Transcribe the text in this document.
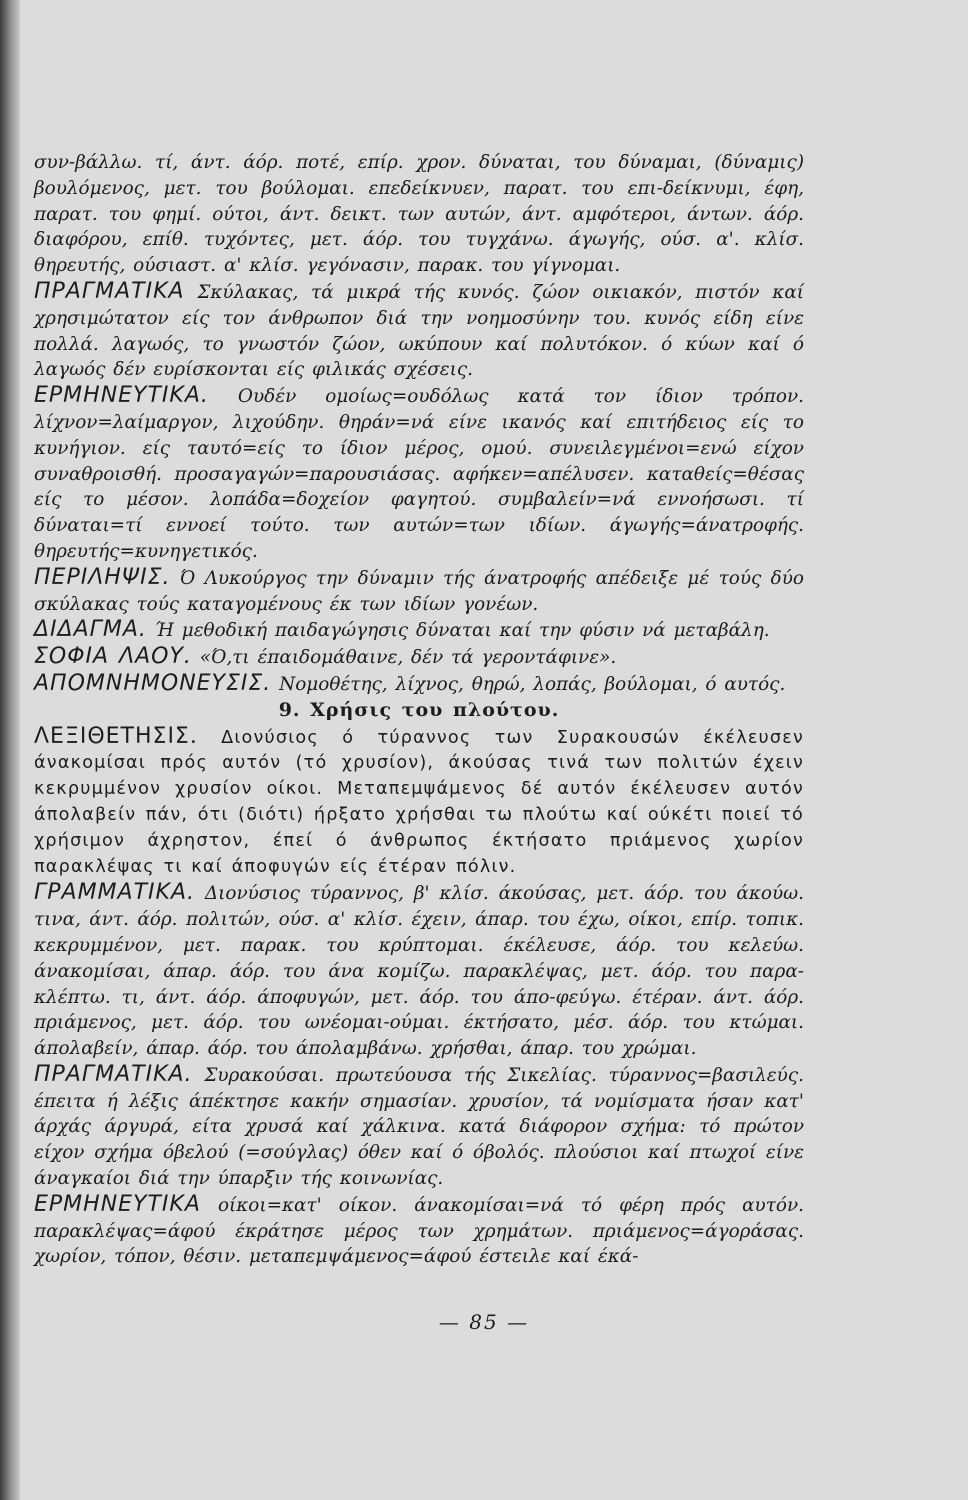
συν-βάλλω. τί, άντ. άόρ. ποτέ, επίρ. χρον. δύναται, του δύναμαι, (δύναμις) βουλόμενος, μετ. του βούλομαι. επεδείκνυεν, παρατ. του επι-δείκνυμι, έφη, παρατ. του φημί. ούτοι, άντ. δεικτ. των αυτών, άντ. αμφότεροι, άντων. άόρ. διαφόρου, επίθ. τυχόντες, μετ. άόρ. του τυγχάνω. άγωγής, ούσ. α'. κλίσ. θηρευτής, ούσιαστ. α' κλίσ. γεγόνασιν, παρακ. του γίγνομαι.

ΠΡΑΓΜΑΤΙΚΑ Σκύλακας, τά μικρά τής κυνός. ζώον οικιακόν, πιστόν καί χρησιμώτατον είς τον άνθρωπον διά την νοημοσύνην του. κυνός είδη είνε πολλά. λαγωός, το γνωστόν ζώον, ωκύπουν καί πολυτόκον. ό κύων καί ό λαγωός δέν ευρίσκονται είς φιλικάς σχέσεις.

ΕΡΜΗΝΕΥΤΙΚΑ. Ουδέν ομοίως=ουδόλως κατά τον ίδιον τρόπον. λίχνον=λαίμαργον, λιχούδην. θηράν=νά είνε ικανός καί επιτήδειος είς το κυνήγιον. είς ταυτό=είς το ίδιον μέρος, ομού. συνειλεγμένοι=ενώ είχον συναθροισθή. προσαγαγών=παρουσιάσας. αφήκεν=απέλυσεν. καταθείς=θέσας είς το μέσον. λοπάδα=δοχείον φαγητού. συμβαλείν=νά εννοήσωσι. τί δύναται=τί εννοεί τούτο. των αυτών=των ιδίων. άγωγής=άνατροφής. θηρευτής=κυνηγετικός.

ΠΕΡΙΛΗΨΙΣ. Ό Λυκούργος την δύναμιν τής άνατροφής απέδειξε μέ τούς δύο σκύλακας τούς καταγομένους έκ των ιδίων γονέων.

ΔΙΔΑΓΜΑ. Ή μεθοδική παιδαγώγησις δύναται καί την φύσιν νά μεταβάλη.

ΣΟΦΙΑ ΛΑΟΥ. «Ό,τι έπαιδομάθαινε, δέν τά γεροντάφινε».

ΑΠΟΜΝΗΜΟΝΕΥΣΙΣ. Νομοθέτης, λίχνος, θηρώ, λοπάς, βούλομαι, ό αυτός.

9. Χρήσις του πλούτου.

ΛΕΞΙΘΕΤΗΣΙΣ. Διονύσιος ό τύραννος των Συρακουσών έκέλευσεν άνακομίσαι πρός αυτόν (τό χρυσίον), άκούσας τινά των πολιτών έχειν κεκρυμμένον χρυσίον οίκοι. Μεταπεμψάμενος δέ αυτόν έκέλευσεν αυτόν άπολαβείν πάν, ότι (διότι) ήρξατο χρήσθαι τω πλούτω καί ούκέτι ποιεί τό χρήσιμον άχρηστον, έπεί ό άνθρωπος έκτήσατο πριάμενος χωρίον παρακλέψας τι καί άποφυγών είς έτέραν πόλιν.

ΓΡΑΜΜΑΤΙΚΑ. Διονύσιος τύραννος, β' κλίσ. άκούσας, μετ. άόρ. του άκούω. τινα, άντ. άόρ. πολιτών, ούσ. α' κλίσ. έχειν, άπαρ. του έχω, οίκοι, επίρ. τοπικ. κεκρυμμένον, μετ. παρακ. του κρύπτομαι. έκέλευσε, άόρ. του κελεύω. άνακομίσαι, άπαρ. άόρ. του άνα κομίζω. παρακλέψας, μετ. άόρ. του παρα-κλέπτω. τι, άντ. άόρ. άποφυγών, μετ. άόρ. του άπο-φεύγω. έτέραν. άντ. άόρ. πριάμενος, μετ. άόρ. του ωνέομαι-ούμαι. έκτήσατο, μέσ. άόρ. του κτώμαι. άπολαβείν, άπαρ. άόρ. του άπολαμβάνω. χρήσθαι, άπαρ. του χρώμαι.

ΠΡΑΓΜΑΤΙΚΑ. Συρακούσαι. πρωτεύουσα τής Σικελίας. τύραννος=βασιλεύς. έπειτα ή λέξις άπέκτησε κακήν σημασίαν. χρυσίον, τά νομίσματα ήσαν κατ' άρχάς άργυρά, είτα χρυσά καί χάλκινα. κατά διάφορον σχήμα: τό πρώτον είχον σχήμα όβελού (=σούγλας) όθεν καί ό όβολός. πλούσιοι καί πτωχοί είνε άναγκαίοι διά την ύπαρξιν τής κοινωνίας.

ΕΡΜΗΝΕΥΤΙΚΑ οίκοι=κατ' οίκον. άνακομίσαι=νά τό φέρη πρός αυτόν. παρακλέψας=άφού έκράτησε μέρος των χρημάτων. πριάμενος=άγοράσας. χωρίον, τόπον, θέσιν. μεταπεμψάμενος=άφού έστειλε καί έκά-

— 85 —
